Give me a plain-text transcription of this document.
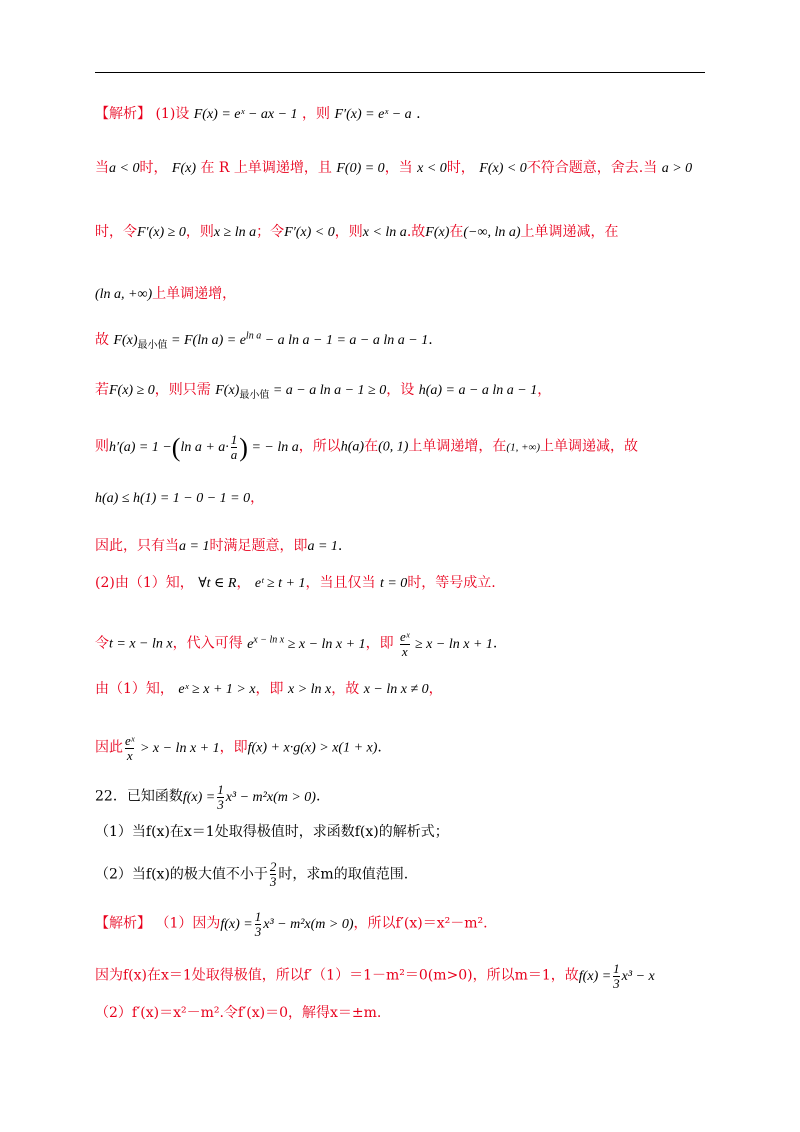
【解析】 (1)设 F(x) = eˣ − ax − 1 ，则 F′(x) = eˣ − a .
当a < 0时， F(x) 在 R 上单调递增，且 F(0) = 0，当 x < 0时， F(x) < 0不符合题意，舍去.当 a > 0
时，令F′(x) ≥ 0，则x ≥ ln a；令F′(x) < 0，则x < ln a.故F(x)在(−∞, ln a)上单调递减，在
(ln a, +∞)上单调递增，
故 $F(x)_{最小值} = F(\ln$ $a) = e^{ln a} - a$ ln a − 1 = a − a ln a − 1.
若F(x) ≥ 0，则只需 $F(x)_{最小值} = a - a$ ln a − 1 ≥ 0，设 h(a) = a − a ln a − 1，
则h′(a) = 1 −(ln $a + a\cdot \frac{1}{a}$ ) = − ln a，所以h(a)在(0, 1)上单调递增，在(1, +∞)上单调递减，故
h(a) ≤ h(1) = 1 − 0 − 1 = 0，
因此，只有当a = 1时满足题意，即a = 1.
(2)由（1）知， ∀t ∈ R， eᵗ ≥ t + 1，当且仅当 t = 0时，等号成立.
令t = x − ln x，代入可得 $e^{x - ln x} \ge x - \ln x + 1$，即 $\frac{\text{eˣ}}{x} \ge x - \ln x + 1$.
由（1）知， eˣ ≥ x + 1 > x，即 x > ln x，故 x − ln x ≠ 0，
因此 $\frac{\text{eˣ}}{x} > x - \ln x + 1$，即f(x) + x·g(x) > x(1 + x).
22．已知函数$f(x) = \frac{1}{3} x^3 - m^2x(m > 0)$.
（1）当f(x)在x＝1处取得极值时，求函数f(x)的解析式；
（2）当f(x)的极大值不小于 $\frac{2}{3}$ 时，求m的取值范围.
【解析】 （1）因为$f(x) = \frac{1}{3} x^3 - m^2x(m > 0)$，所以f′(x)＝x²－m².
因为f(x)在x＝1处取得极值，所以f′（1）＝1－m²＝0(m>0)，所以m＝1，故$f(x) = \frac{1}{3} x^3 - x$
（2）f′(x)＝x²－m².令f′(x)＝0，解得x＝±m.
